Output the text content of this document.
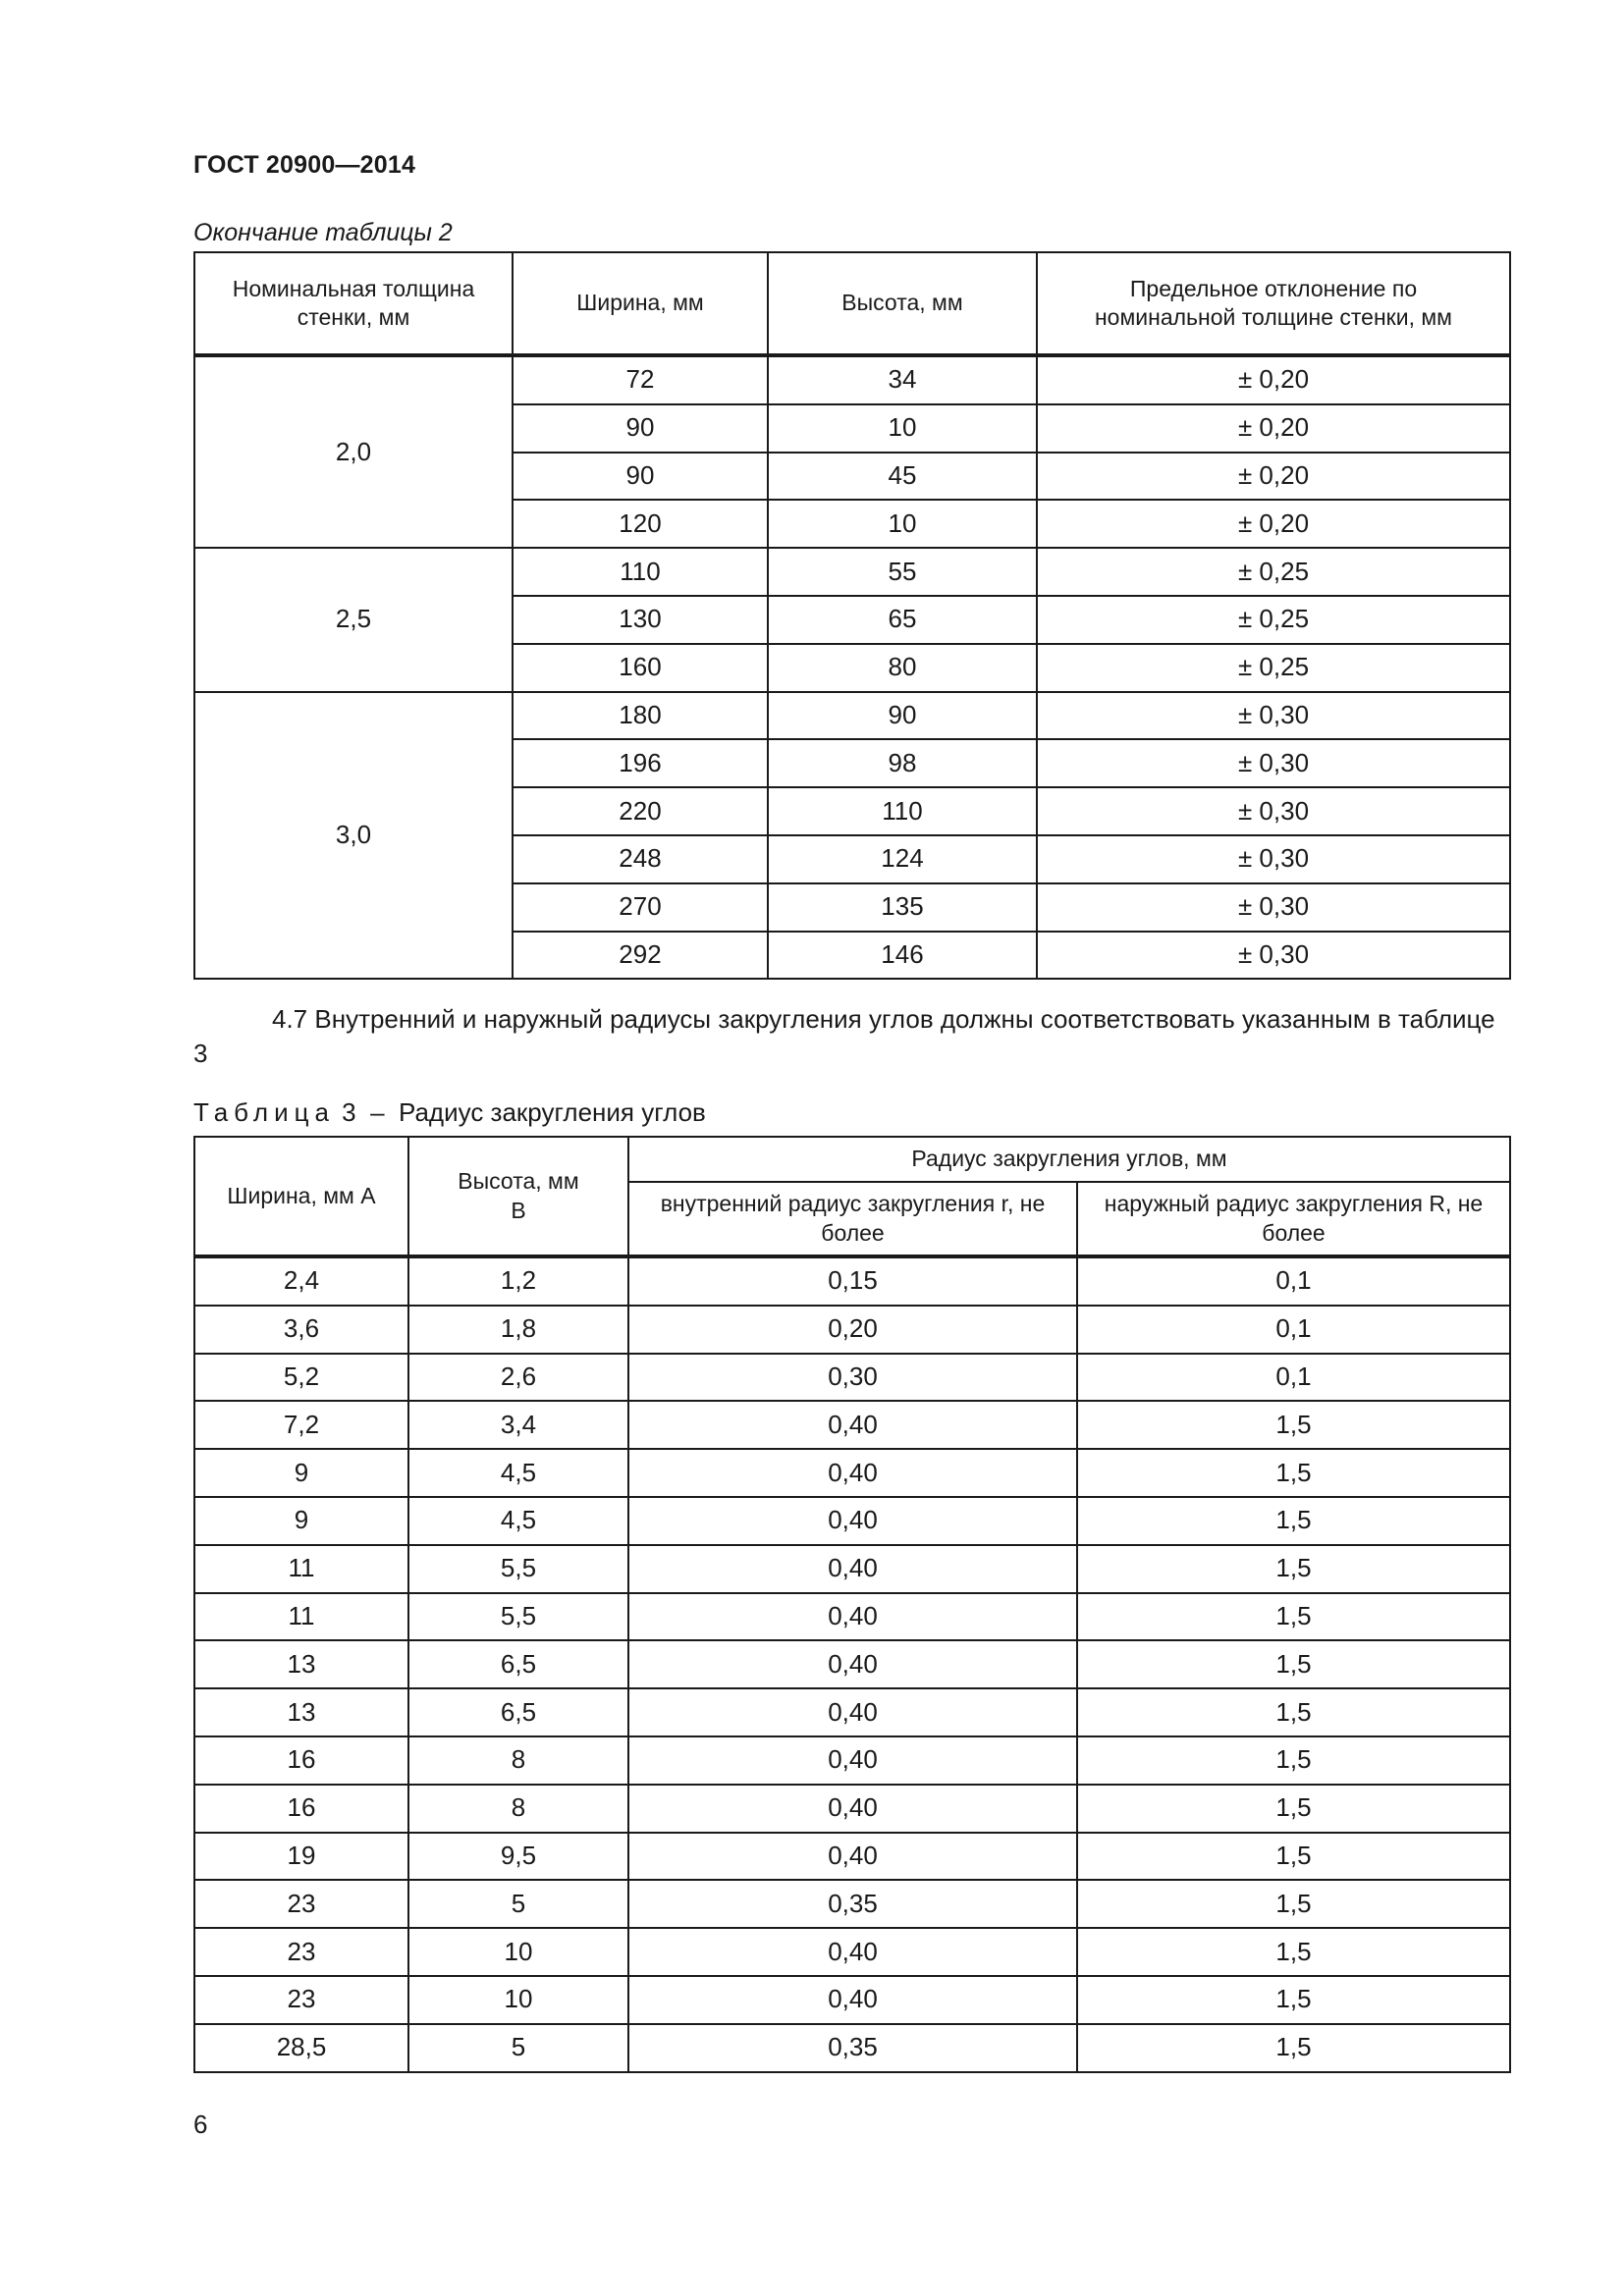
ГОСТ 20900—2014
Окончание таблицы 2
Номинальная толщина стенки, мм	Ширина, мм	Высота, мм	Предельное отклонение по номинальной толщине стенки, мм
2,0	72	34	± 0,20
	90	10	± 0,20
	90	45	± 0,20
	120	10	± 0,20
2,5	110	55	± 0,25
	130	65	± 0,25
	160	80	± 0,25
3,0	180	90	± 0,30
	196	98	± 0,30
	220	110	± 0,30
	248	124	± 0,30
	270	135	± 0,30
	292	146	± 0,30
4.7 Внутренний и наружный радиусы закругления углов должны соответствовать указанным в таблице 3
Таблица 3  –  Радиус закругления углов
Ширина, мм А	Высота, мм В	Радиус закругления углов, мм	
		внутренний радиус закругления r, не более	наружный радиус закругления R, не более
2,4	1,2	0,15	0,1
3,6	1,8	0,20	0,1
5,2	2,6	0,30	0,1
7,2	3,4	0,40	1,5
9	4,5	0,40	1,5
9	4,5	0,40	1,5
11	5,5	0,40	1,5
11	5,5	0,40	1,5
13	6,5	0,40	1,5
13	6,5	0,40	1,5
16	8	0,40	1,5
16	8	0,40	1,5
19	9,5	0,40	1,5
23	5	0,35	1,5
23	10	0,40	1,5
23	10	0,40	1,5
28,5	5	0,35	1,5
6
